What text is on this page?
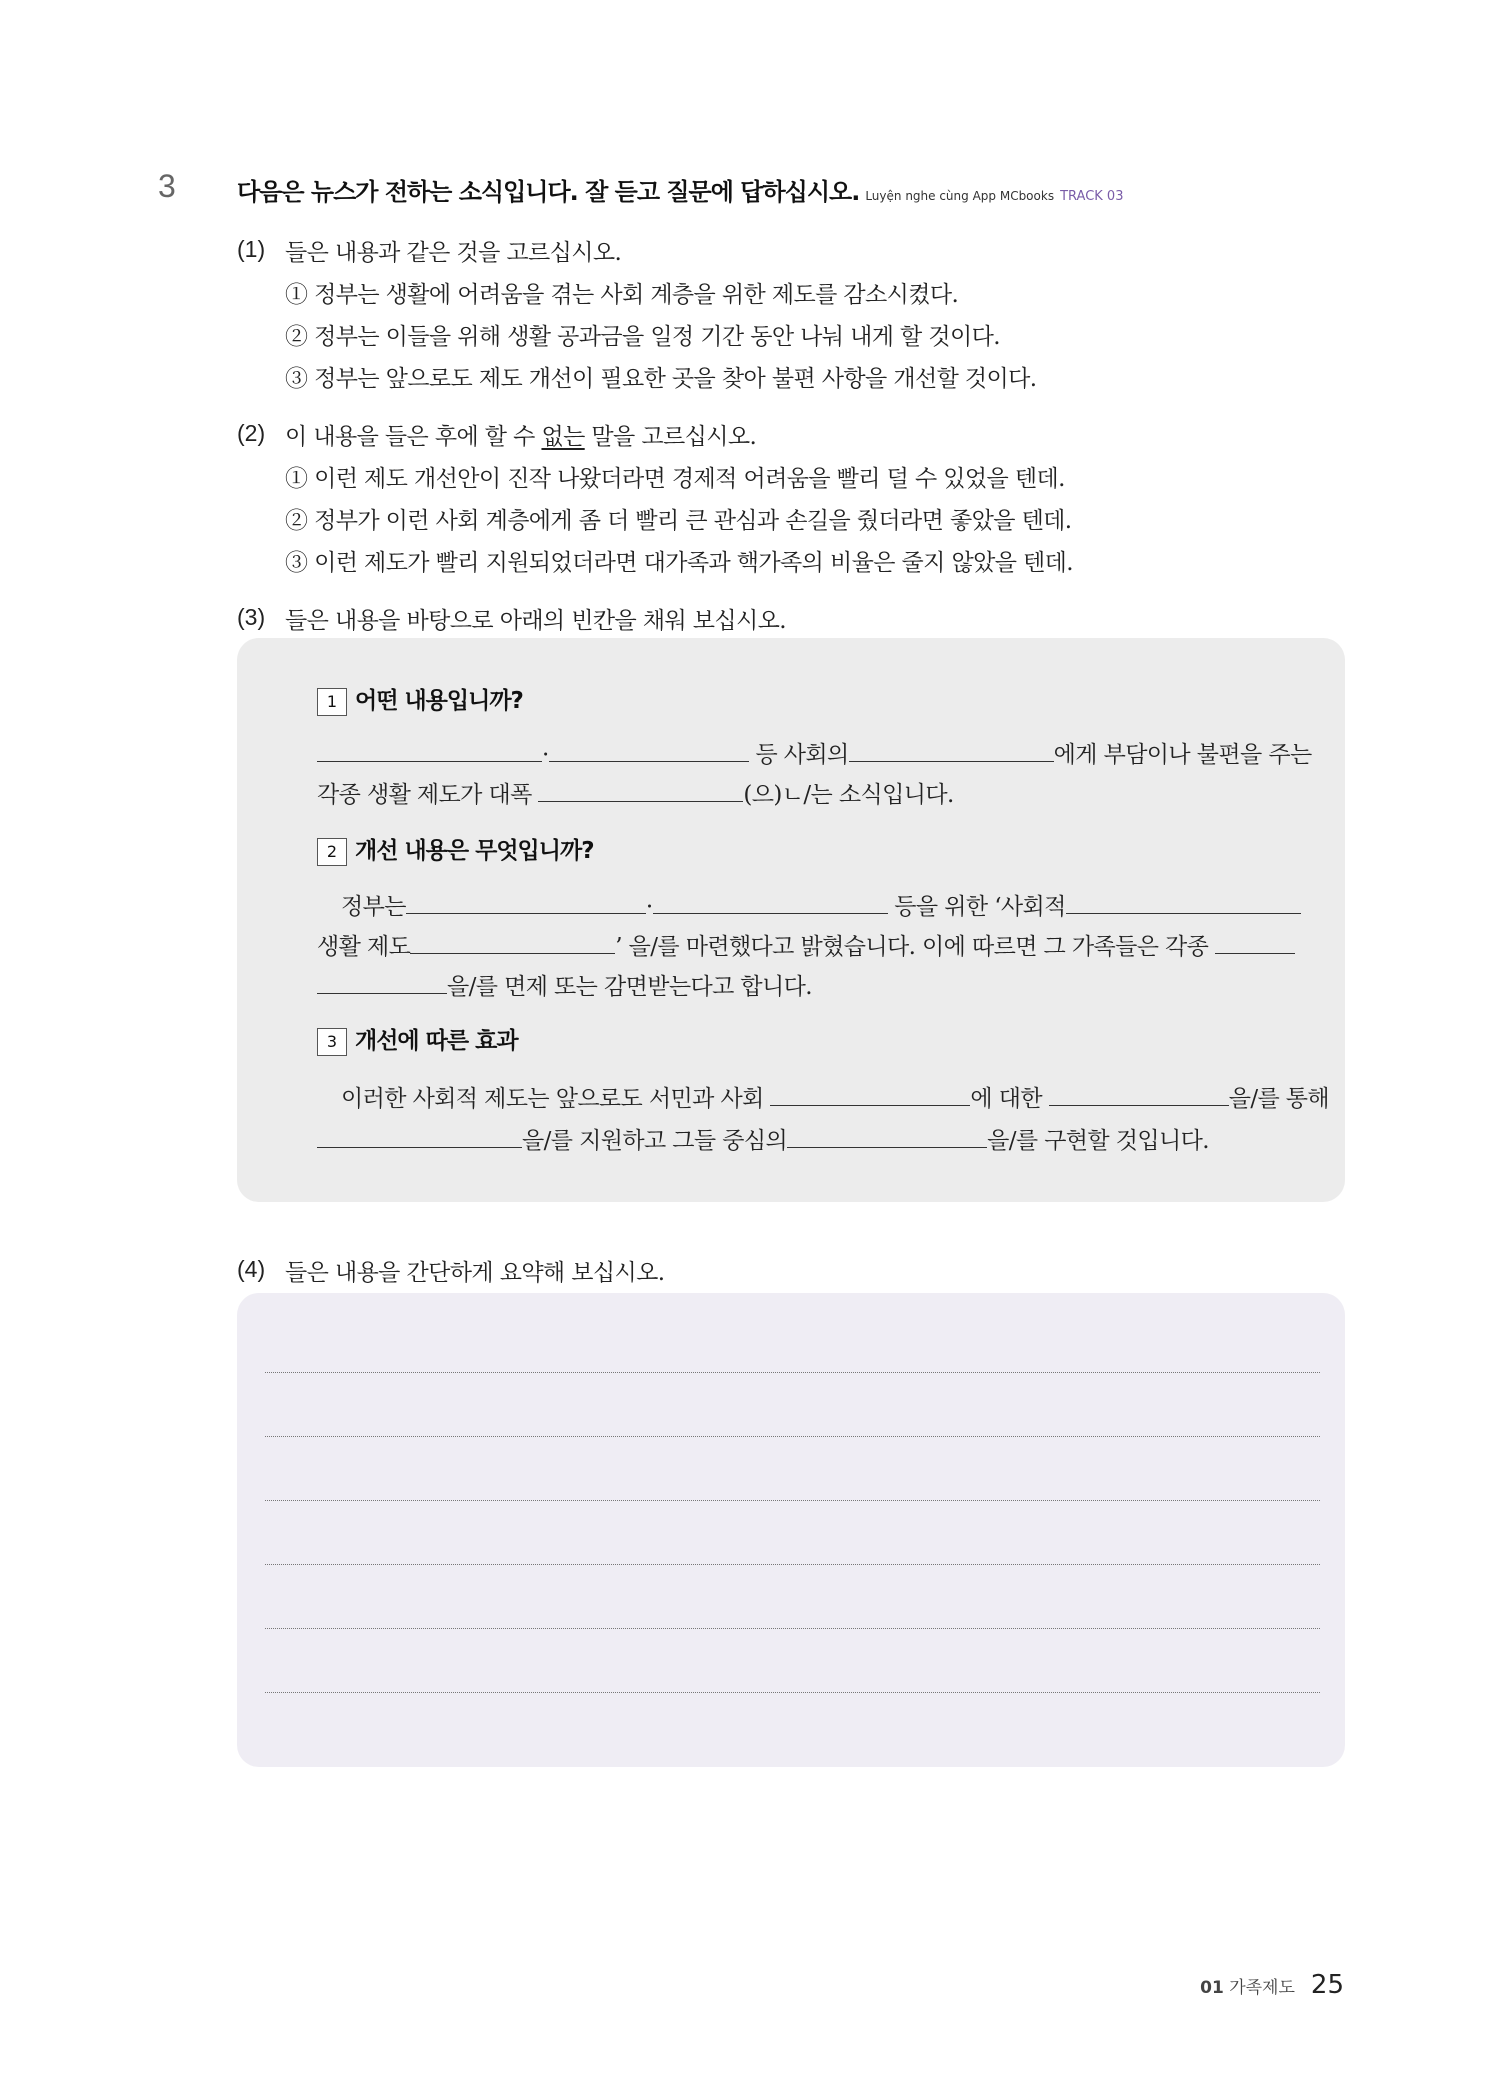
3	다음은 뉴스가 전하는 소식입니다. 잘 듣고 질문에 답하십시오. Luyện nghe cùng App MCbooks TRACK 03
(1) 들은 내용과 같은 것을 고르십시오.
① 정부는 생활에 어려움을 겪는 사회 계층을 위한 제도를 감소시켰다.
② 정부는 이들을 위해 생활 공과금을 일정 기간 동안 나눠 내게 할 것이다.
③ 정부는 앞으로도 제도 개선이 필요한 곳을 찾아 불편 사항을 개선할 것이다.
(2) 이 내용을 들은 후에 할 수 없는 말을 고르십시오.
① 이런 제도 개선안이 진작 나왔더라면 경제적 어려움을 빨리 덜 수 있었을 텐데.
② 정부가 이런 사회 계층에게 좀 더 빨리 큰 관심과 손길을 줬더라면 좋았을 텐데.
③ 이런 제도가 빨리 지원되었더라면 대가족과 핵가족의 비율은 줄지 않았을 텐데.
(3) 들은 내용을 바탕으로 아래의 빈칸을 채워 보십시오.
1 어떤 내용입니까?
·	등 사회의	에게 부담이나 불편을 주는
각종 생활 제도가 대폭	(으)ㄴ/는 소식입니다.
2 개선 내용은 무엇입니까?
정부는	·	등을 위한 ‘사회적
생활 제도	’ 을/를 마련했다고 밝혔습니다. 이에 따르면 그 가족들은 각종
을/를 면제 또는 감면받는다고 합니다.
3 개선에 따른 효과
이러한 사회적 제도는 앞으로도 서민과 사회	에 대한	을/를 통해
을/를 지원하고 그들 중심의	을/를 구현할 것입니다.
(4) 들은 내용을 간단하게 요약해 보십시오.
01 가족제도 25
